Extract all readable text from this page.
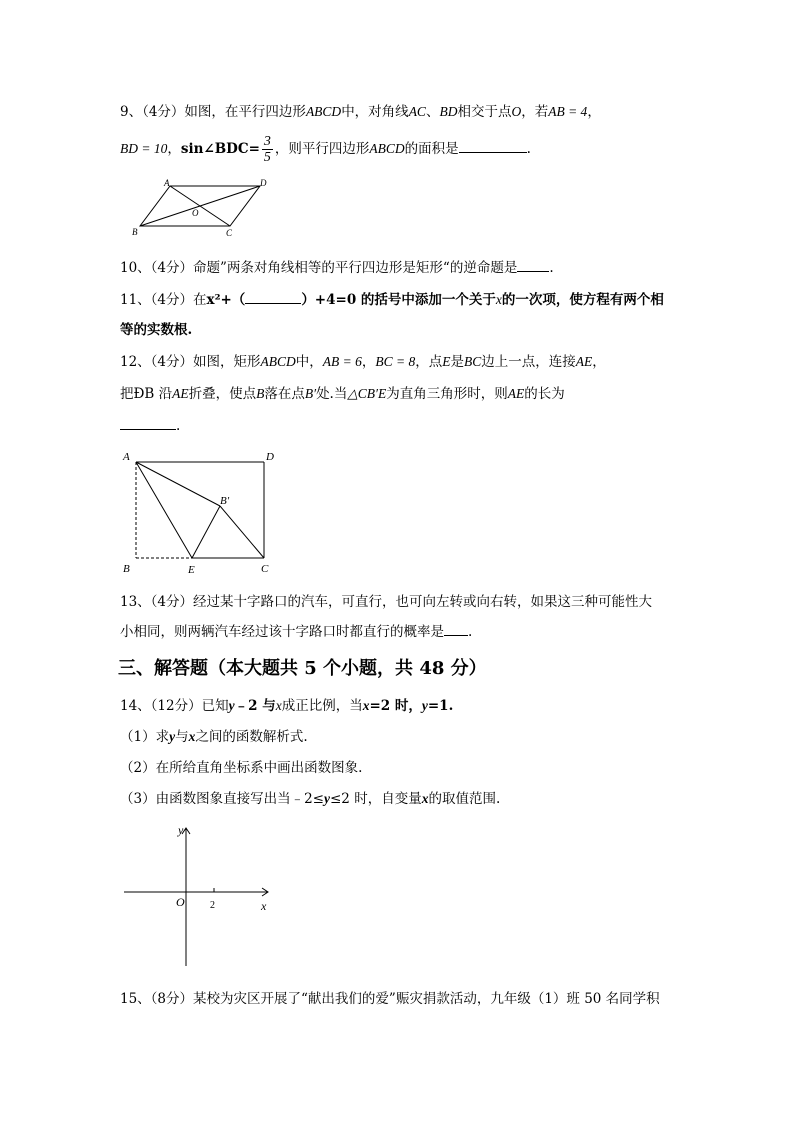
9、（4分）如图，在平行四边形ABCD中，对角线AC、BD相交于点O，若AB = 4，
BD = 10，sin∠BDC= $\frac{3}{5}$ ，则平行四边形ABCD的面积是	.
A	D
B	C
O
10、（4分）命题”两条对角线相等的平行四边形是矩形“的逆命题是 .
11、（4分）在x²+（	）+4=0 的括号中添加一个关于x的一次项，使方程有两个相
等的实数根.
12、（4分）如图，矩形ABCD中，AB = 6，BC = 8，点E是BC边上一点，连接AE，
把ÐB 沿AE折叠，使点B落在点B′处.当△CB′E为直角三角形时，则AE的长为
.
A	D
B	E	C
B′
13、（4分）经过某十字路口的汽车，可直行，也可向左转或向右转，如果这三种可能性大
小相同，则两辆汽车经过该十字路口时都直行的概率是 .
三、解答题（本大题共 5 个小题，共 48 分）
14、（12分）已知y﹣2 与x成正比例，当x=2 时，y=1.
（1）求y与x之间的函数解析式.
（2）在所给直角坐标系中画出函数图象.
（3）由函数图象直接写出当﹣2≤y≤2 时，自变量x的取值范围.
y
x
O	2
15、（8分）某校为灾区开展了“献出我们的爱”赈灾捐款活动，九年级（1）班 50 名同学积
